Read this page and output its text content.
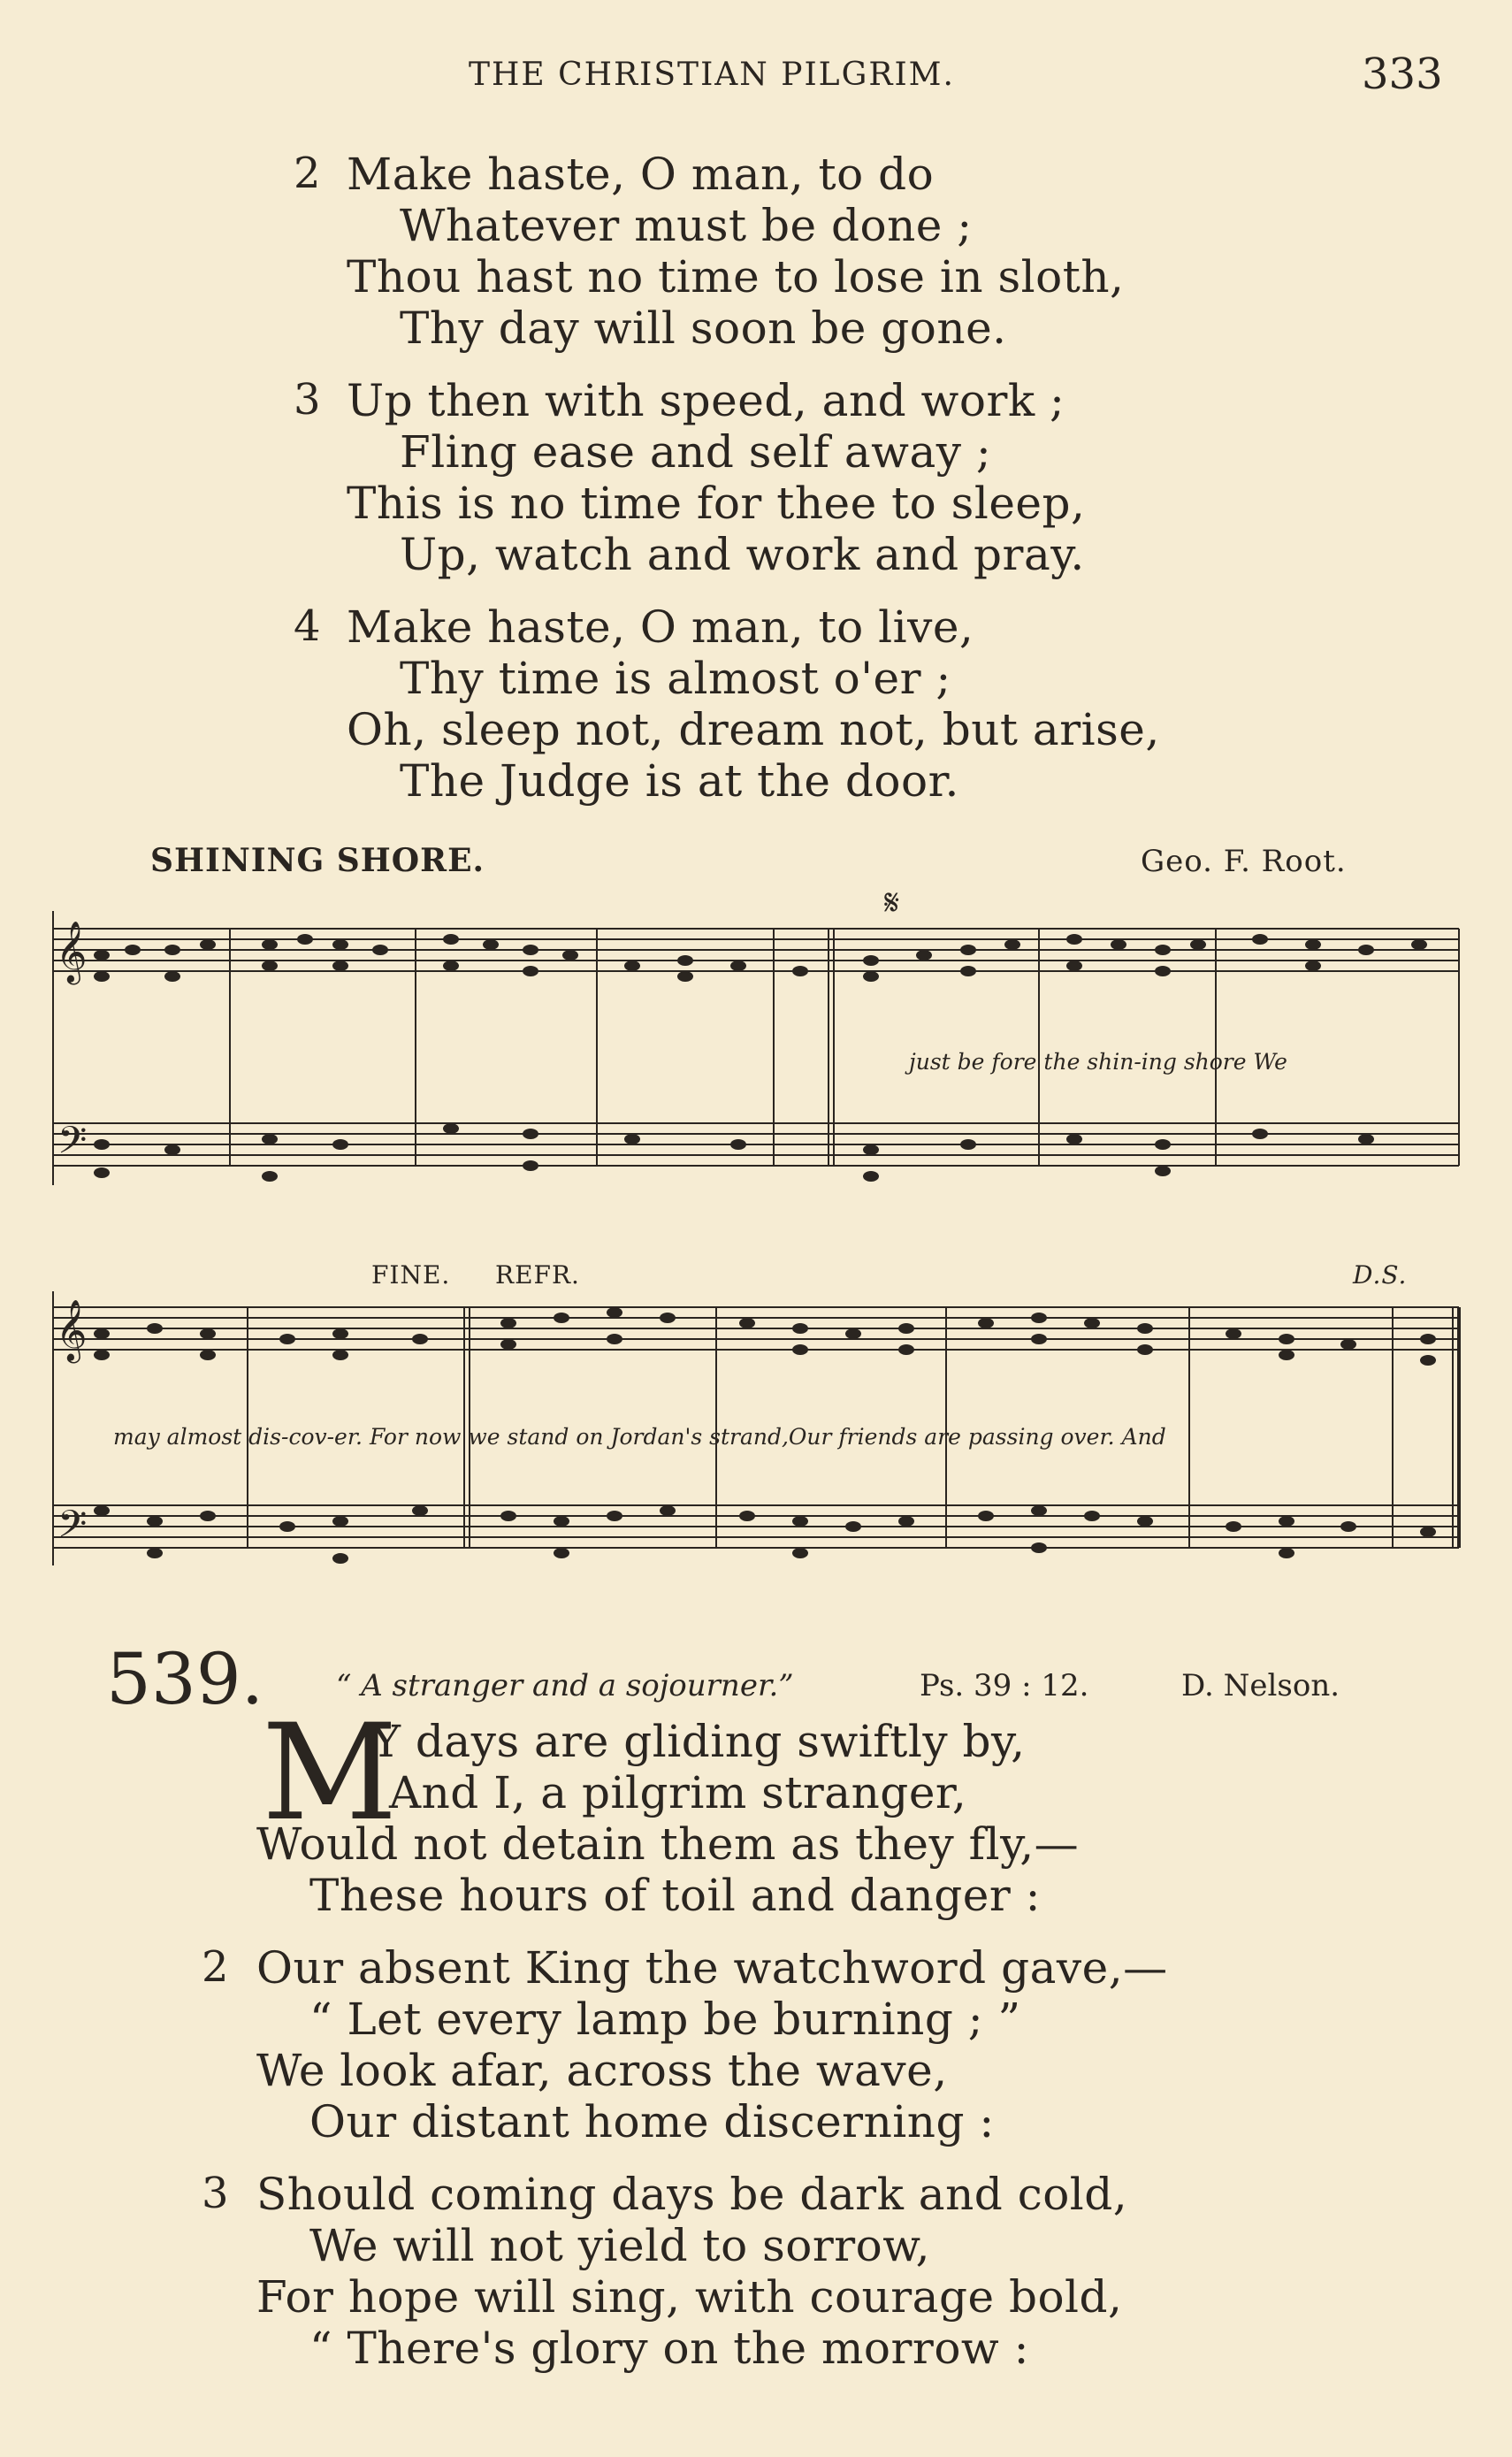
THE CHRISTIAN PILGRIM.	333
2 Make haste, O man, to do
Whatever must be done ;
Thou hast no time to lose in sloth,
Thy day will soon be gone.
3 Up then with speed, and work ;
Fling ease and self away ;
This is no time for thee to sleep,
Up, watch and work and pray.
4 Make haste, O man, to live,
Thy time is almost o'er ;
Oh, sleep not, dream not, but arise,
The Judge is at the door.
SHINING SHORE.	Geo. F. Root.
𝄞
𝄢
𝄞
𝄢
𝄋
just be fore the shin-ing shore We
FINE. REFR.	D.S.
may almost dis-cov-er. For now we stand on Jordan's strand,Our friends are passing over. And
539. “ A stranger and a sojourner.”	Ps. 39 : 12.	D. Nelson.
M
Y days are gliding swiftly by,
And I, a pilgrim stranger,
Would not detain them as they fly,—
These hours of toil and danger :
2 Our absent King the watchword gave,—
“ Let every lamp be burning ; ”
We look afar, across the wave,
Our distant home discerning :
3 Should coming days be dark and cold,
We will not yield to sorrow,
For hope will sing, with courage bold,
“ There's glory on the morrow :
